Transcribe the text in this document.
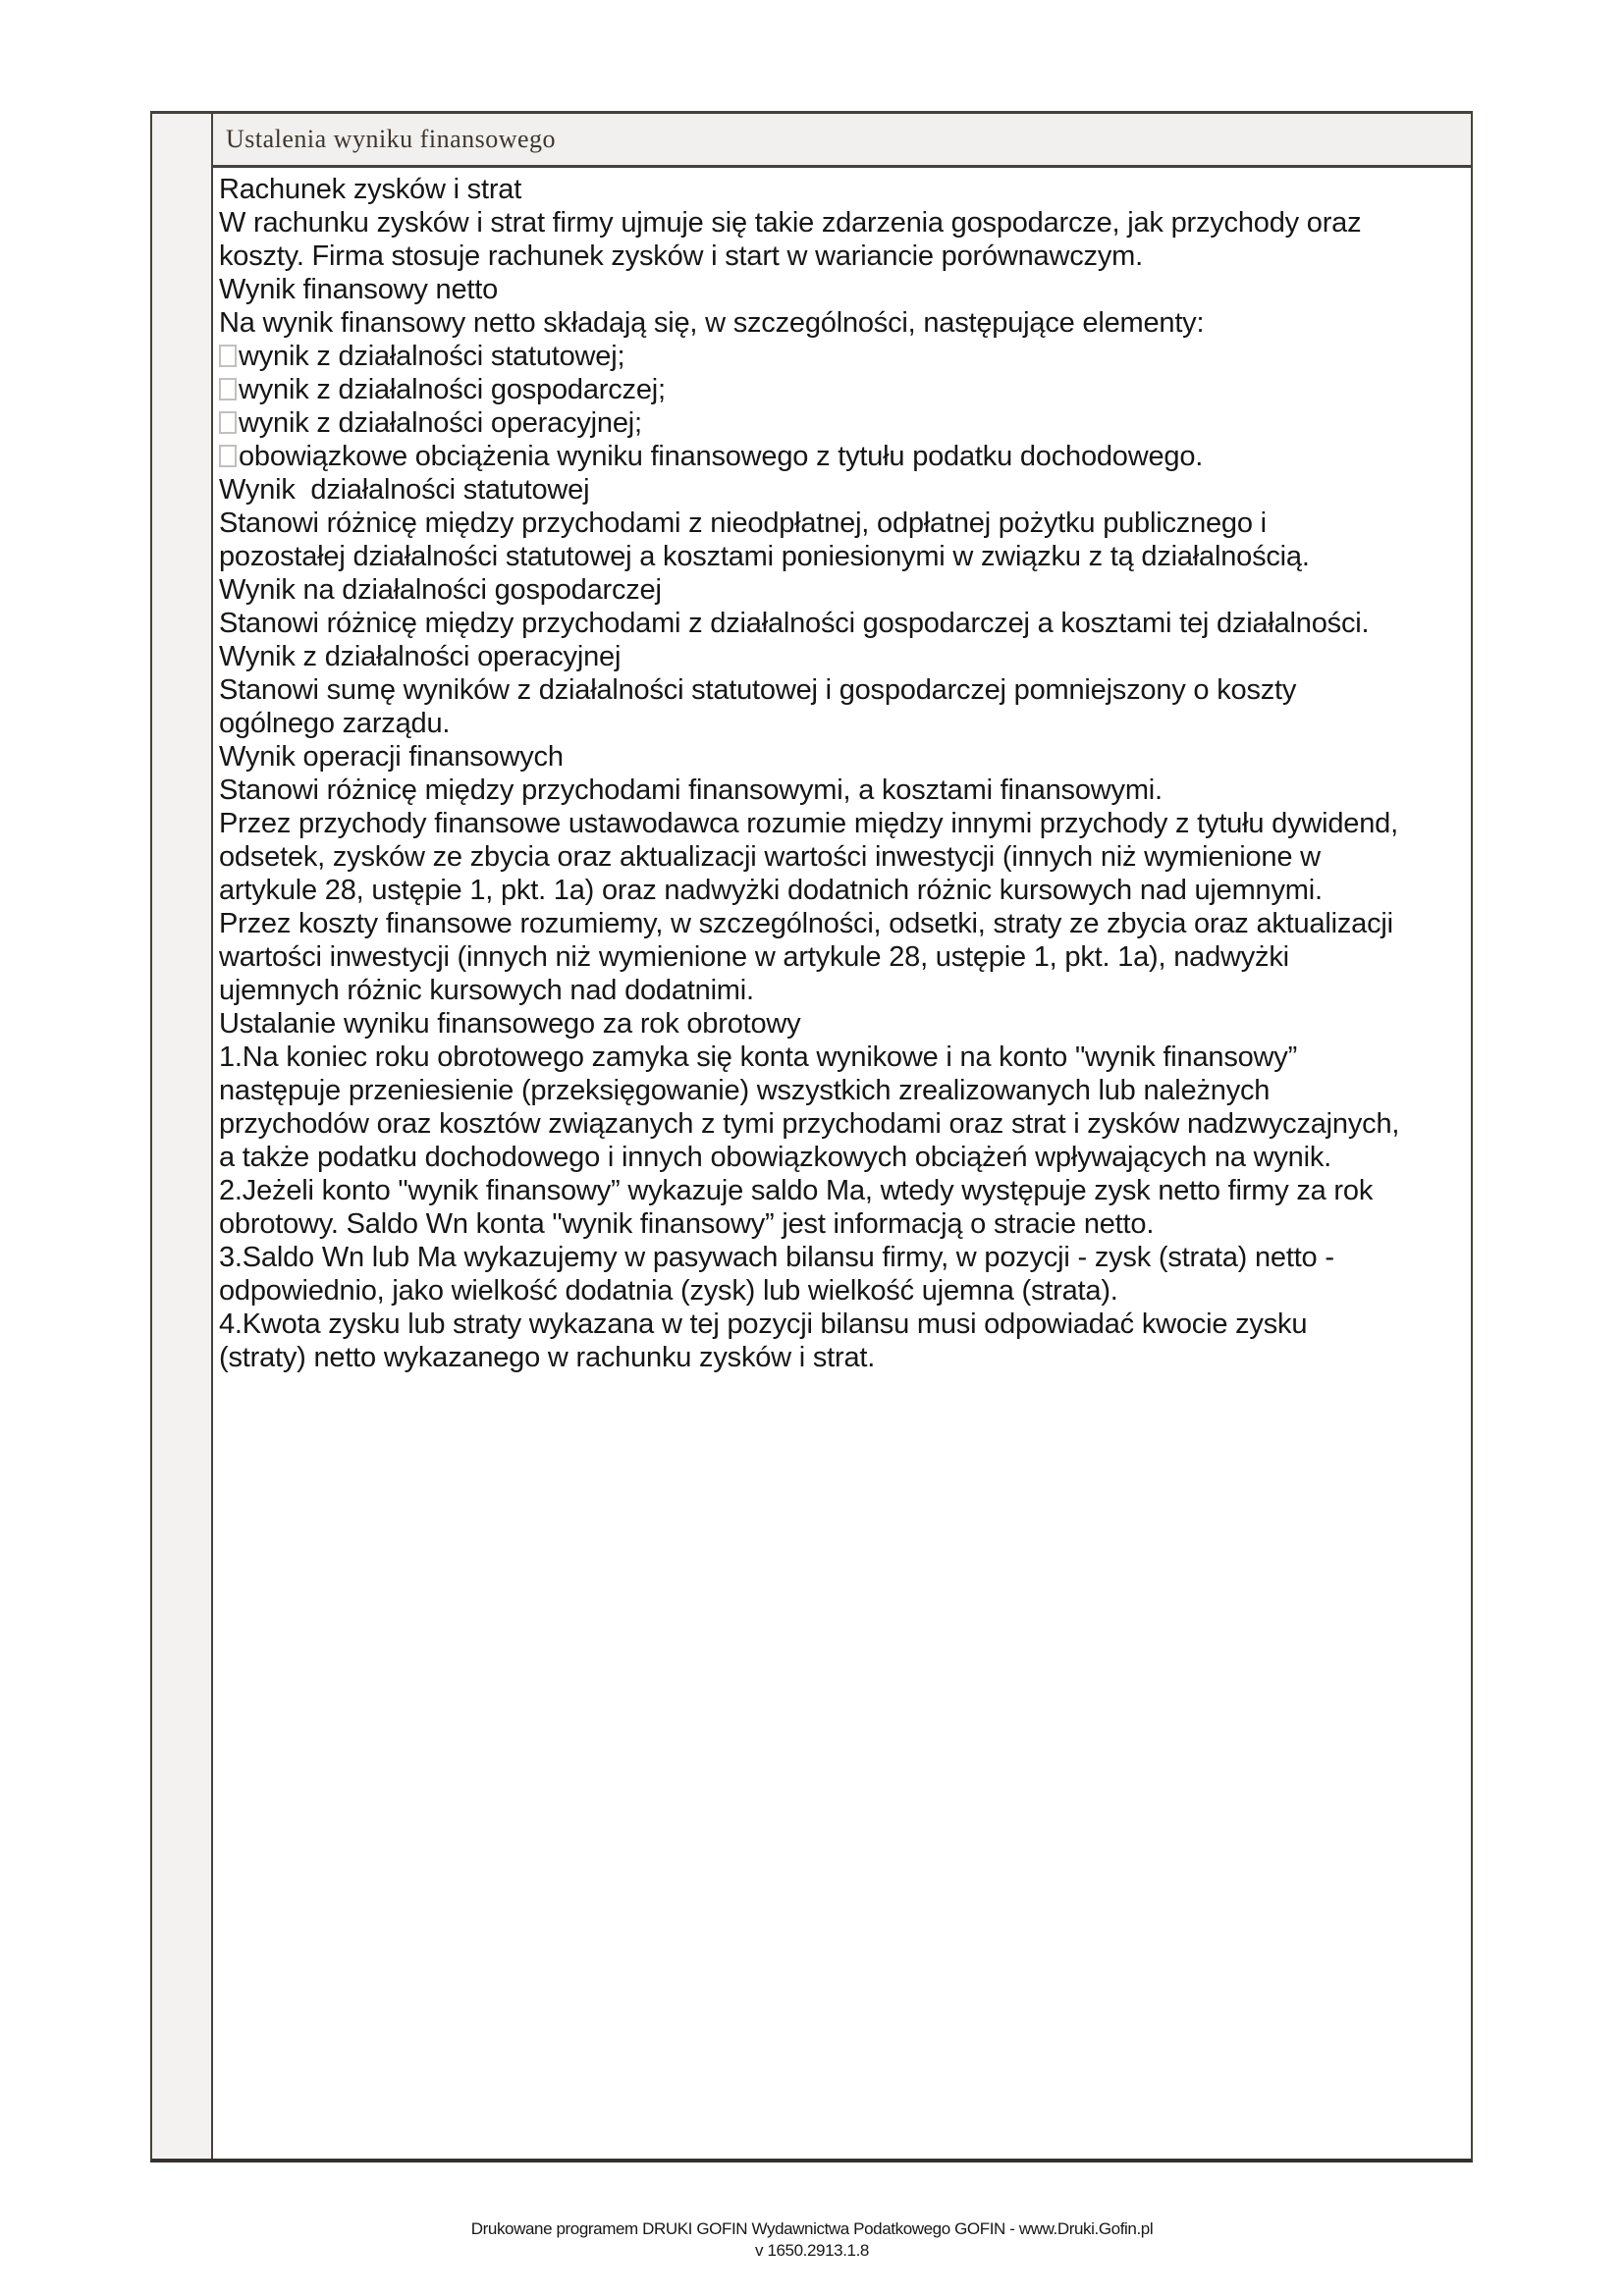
Ustalenia wyniku finansowego
Rachunek zysków i strat
W rachunku zysków i strat firmy ujmuje się takie zdarzenia gospodarcze, jak przychody oraz
koszty. Firma stosuje rachunek zysków i start w wariancie porównawczym.
Wynik finansowy netto
Na wynik finansowy netto składają się, w szczególności, następujące elementy:
wynik z działalności statutowej;
wynik z działalności gospodarczej;
wynik z działalności operacyjnej;
obowiązkowe obciążenia wyniku finansowego z tytułu podatku dochodowego.
Wynik  działalności statutowej
Stanowi różnicę między przychodami z nieodpłatnej, odpłatnej pożytku publicznego i
pozostałej działalności statutowej a kosztami poniesionymi w związku z tą działalnością.
Wynik na działalności gospodarczej
Stanowi różnicę między przychodami z działalności gospodarczej a kosztami tej działalności.
Wynik z działalności operacyjnej
Stanowi sumę wyników z działalności statutowej i gospodarczej pomniejszony o koszty
ogólnego zarządu.
Wynik operacji finansowych
Stanowi różnicę między przychodami finansowymi, a kosztami finansowymi.
Przez przychody finansowe ustawodawca rozumie między innymi przychody z tytułu dywidend,
odsetek, zysków ze zbycia oraz aktualizacji wartości inwestycji (innych niż wymienione w
artykule 28, ustępie 1, pkt. 1a) oraz nadwyżki dodatnich różnic kursowych nad ujemnymi.
Przez koszty finansowe rozumiemy, w szczególności, odsetki, straty ze zbycia oraz aktualizacji
wartości inwestycji (innych niż wymienione w artykule 28, ustępie 1, pkt. 1a), nadwyżki
ujemnych różnic kursowych nad dodatnimi.
Ustalanie wyniku finansowego za rok obrotowy
1.Na koniec roku obrotowego zamyka się konta wynikowe i na konto "wynik finansowy”
następuje przeniesienie (przeksięgowanie) wszystkich zrealizowanych lub należnych
przychodów oraz kosztów związanych z tymi przychodami oraz strat i zysków nadzwyczajnych,
a także podatku dochodowego i innych obowiązkowych obciążeń wpływających na wynik.
2.Jeżeli konto "wynik finansowy” wykazuje saldo Ma, wtedy występuje zysk netto firmy za rok
obrotowy. Saldo Wn konta "wynik finansowy” jest informacją o stracie netto.
3.Saldo Wn lub Ma wykazujemy w pasywach bilansu firmy, w pozycji - zysk (strata) netto -
odpowiednio, jako wielkość dodatnia (zysk) lub wielkość ujemna (strata).
4.Kwota zysku lub straty wykazana w tej pozycji bilansu musi odpowiadać kwocie zysku
(straty) netto wykazanego w rachunku zysków i strat.
Drukowane programem DRUKI GOFIN Wydawnictwa Podatkowego GOFIN - www.Druki.Gofin.pl
v 1650.2913.1.8
